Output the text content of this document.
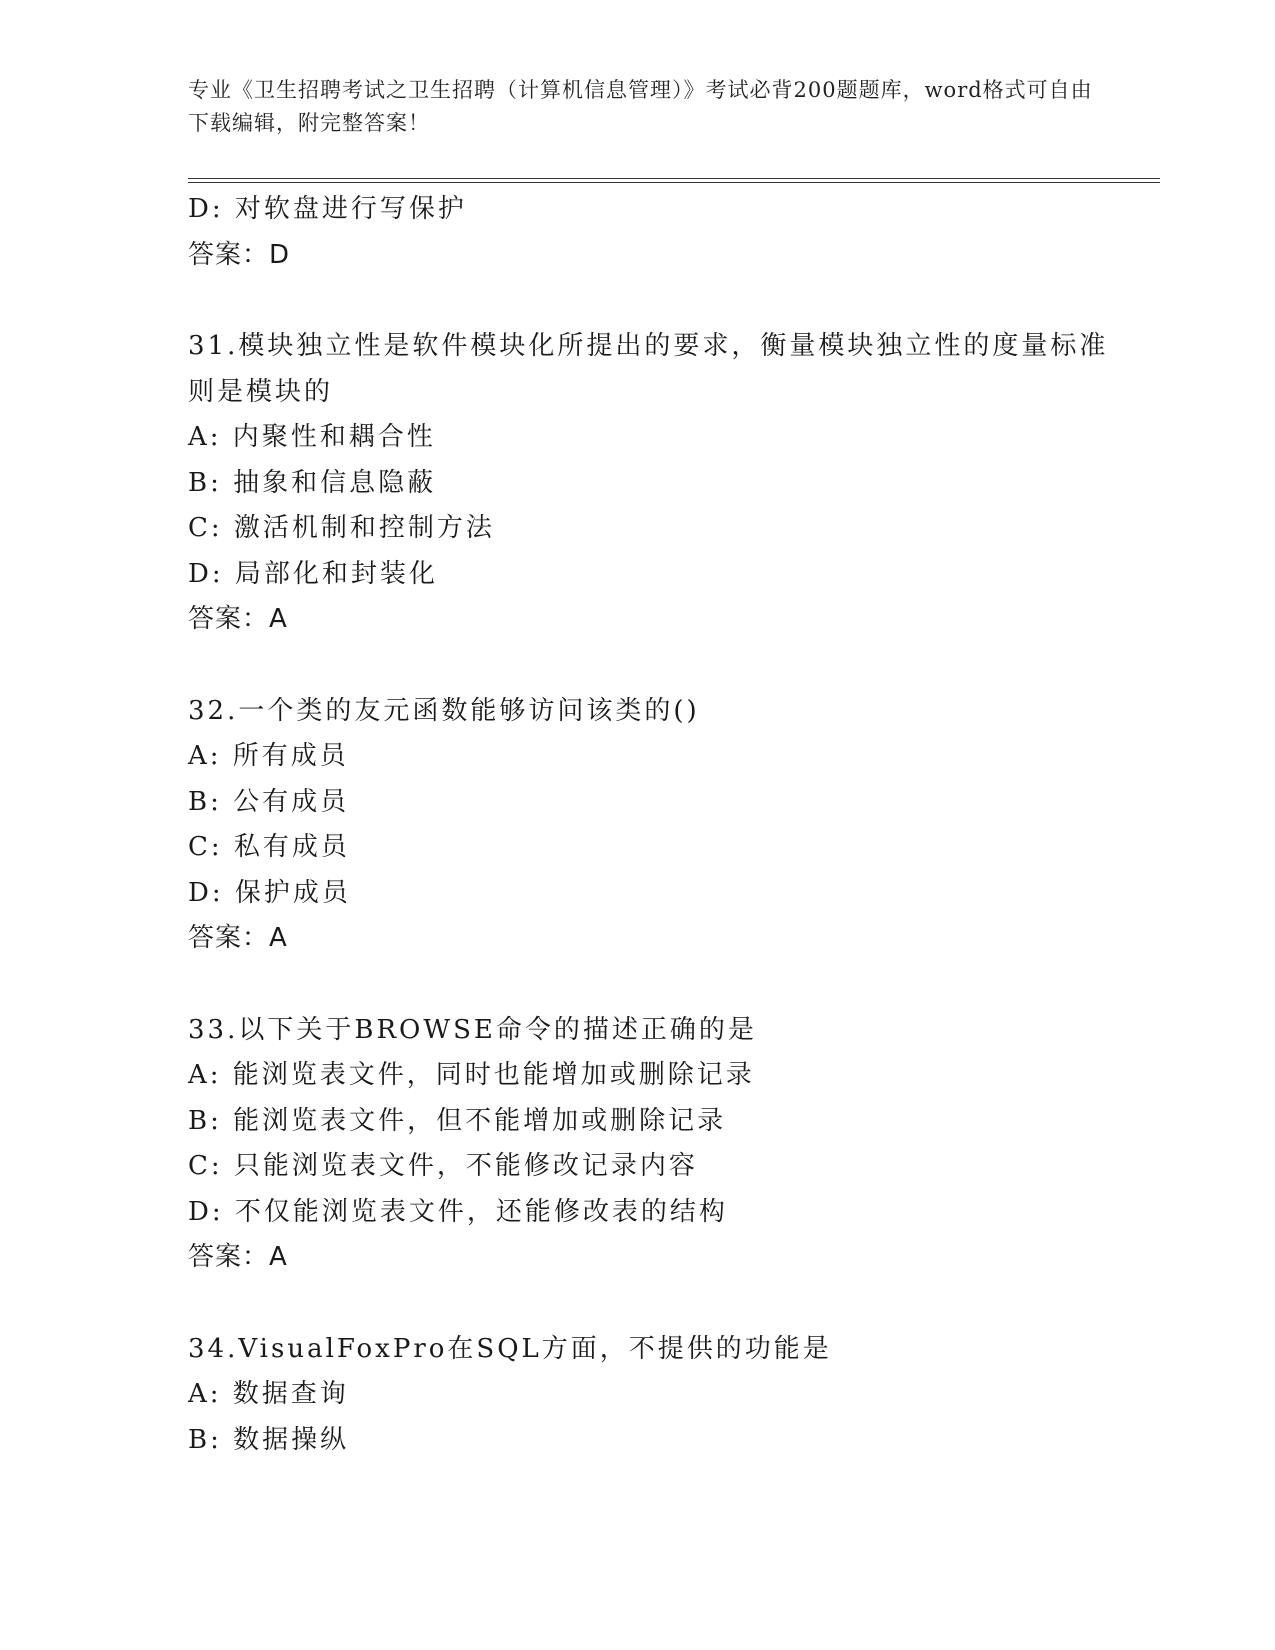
专业《卫生招聘考试之卫生招聘（计算机信息管理）》考试必背200题题库，word格式可自由下载编辑，附完整答案！
D: 对软盘进行写保护
答案：D
31.模块独立性是软件模块化所提出的要求，衡量模块独立性的度量标准则是模块的
A: 内聚性和耦合性
B: 抽象和信息隐蔽
C: 激活机制和控制方法
D: 局部化和封装化
答案：A
32.一个类的友元函数能够访问该类的()
A: 所有成员
B: 公有成员
C: 私有成员
D: 保护成员
答案：A
33.以下关于BROWSE命令的描述正确的是
A: 能浏览表文件，同时也能增加或删除记录
B: 能浏览表文件，但不能增加或删除记录
C: 只能浏览表文件，不能修改记录内容
D: 不仅能浏览表文件，还能修改表的结构
答案：A
34.VisualFoxPro在SQL方面，不提供的功能是
A: 数据查询
B: 数据操纵
